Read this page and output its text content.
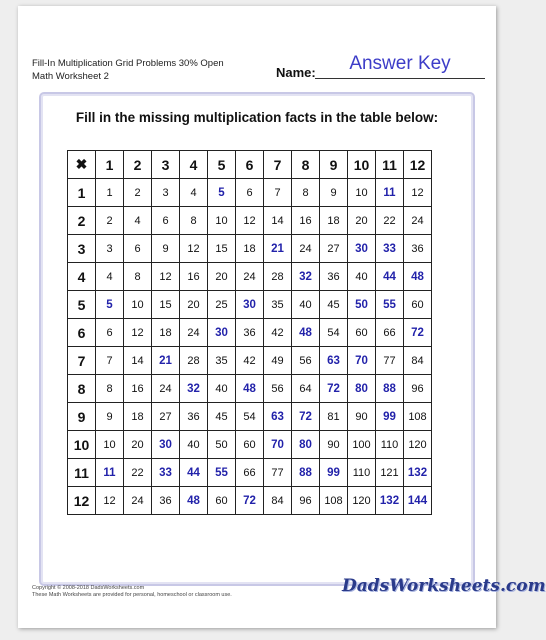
Fill-In Multiplication Grid Problems 30% Open
Math Worksheet 2	Name:	Answer Key
Fill in the missing multiplication facts in the table below:
✖	1	2	3	4	5	6	7	8	9	10	11	12
1	1	2	3	4	5	6	7	8	9	10	11	12
2	2	4	6	8	10	12	14	16	18	20	22	24
3	3	6	9	12	15	18	21	24	27	30	33	36
4	4	8	12	16	20	24	28	32	36	40	44	48
5	5	10	15	20	25	30	35	40	45	50	55	60
6	6	12	18	24	30	36	42	48	54	60	66	72
7	7	14	21	28	35	42	49	56	63	70	77	84
8	8	16	24	32	40	48	56	64	72	80	88	96
9	9	18	27	36	45	54	63	72	81	90	99	108
10	10	20	30	40	50	60	70	80	90	100	110	120
11	11	22	33	44	55	66	77	88	99	110	121	132
12	12	24	36	48	60	72	84	96	108	120	132	144
Copyright © 2008-2018 DadsWorksheets.com
These Math Worksheets are provided for personal, homeschool or classroom use.	DadsWorksheets.com
